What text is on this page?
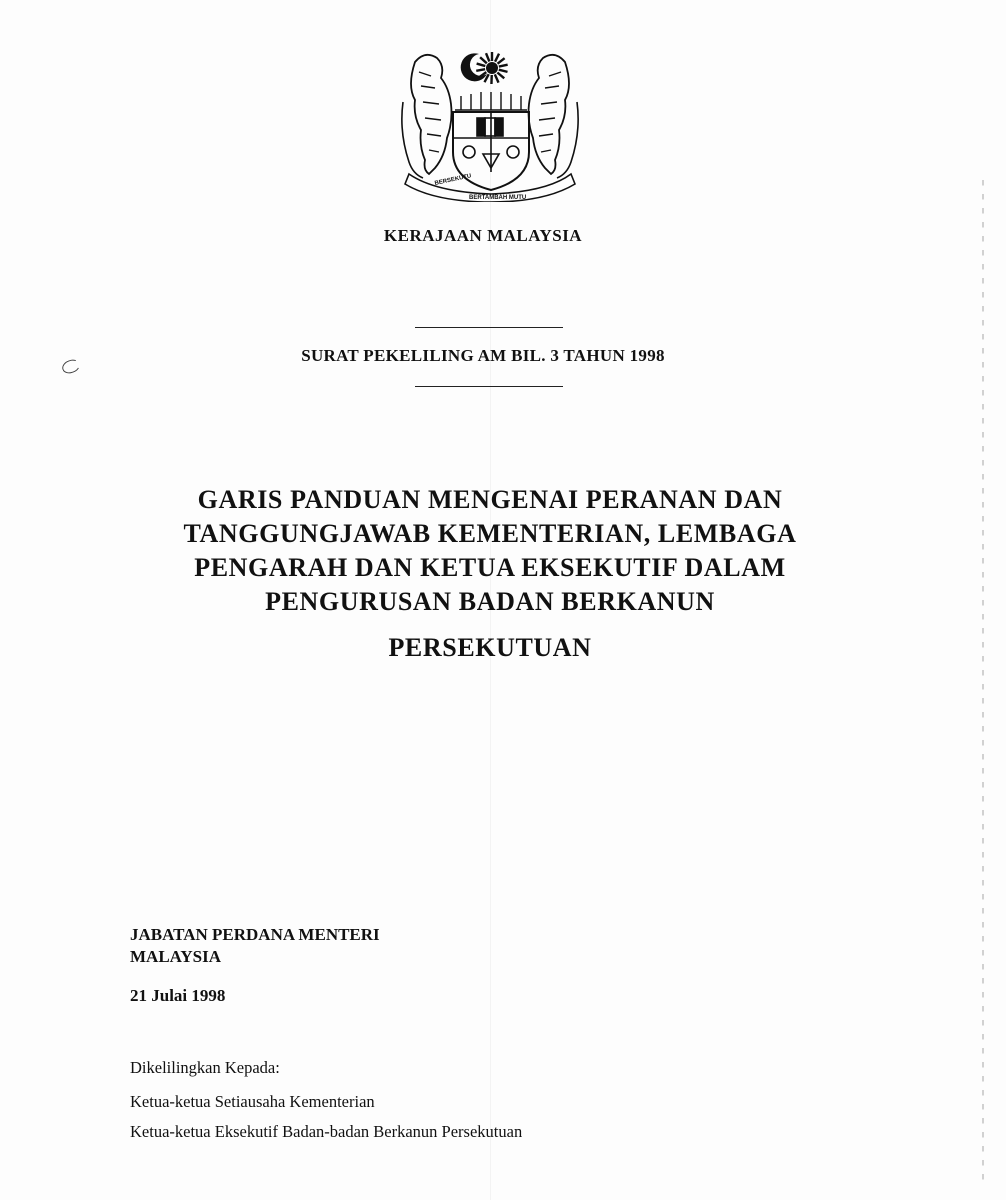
BERSEKUTU
BERTAMBAH MUTU
KERAJAAN MALAYSIA
SURAT PEKELILING AM BIL. 3 TAHUN 1998
GARIS PANDUAN MENGENAI PERANAN DAN
TANGGUNGJAWAB KEMENTERIAN, LEMBAGA
PENGARAH DAN KETUA EKSEKUTIF DALAM
PENGURUSAN BADAN BERKANUN
PERSEKUTUAN
JABATAN PERDANA MENTERI
MALAYSIA
21 Julai 1998
Dikelilingkan Kepada:
Ketua-ketua Setiausaha Kementerian
Ketua-ketua Eksekutif Badan-badan Berkanun Persekutuan
